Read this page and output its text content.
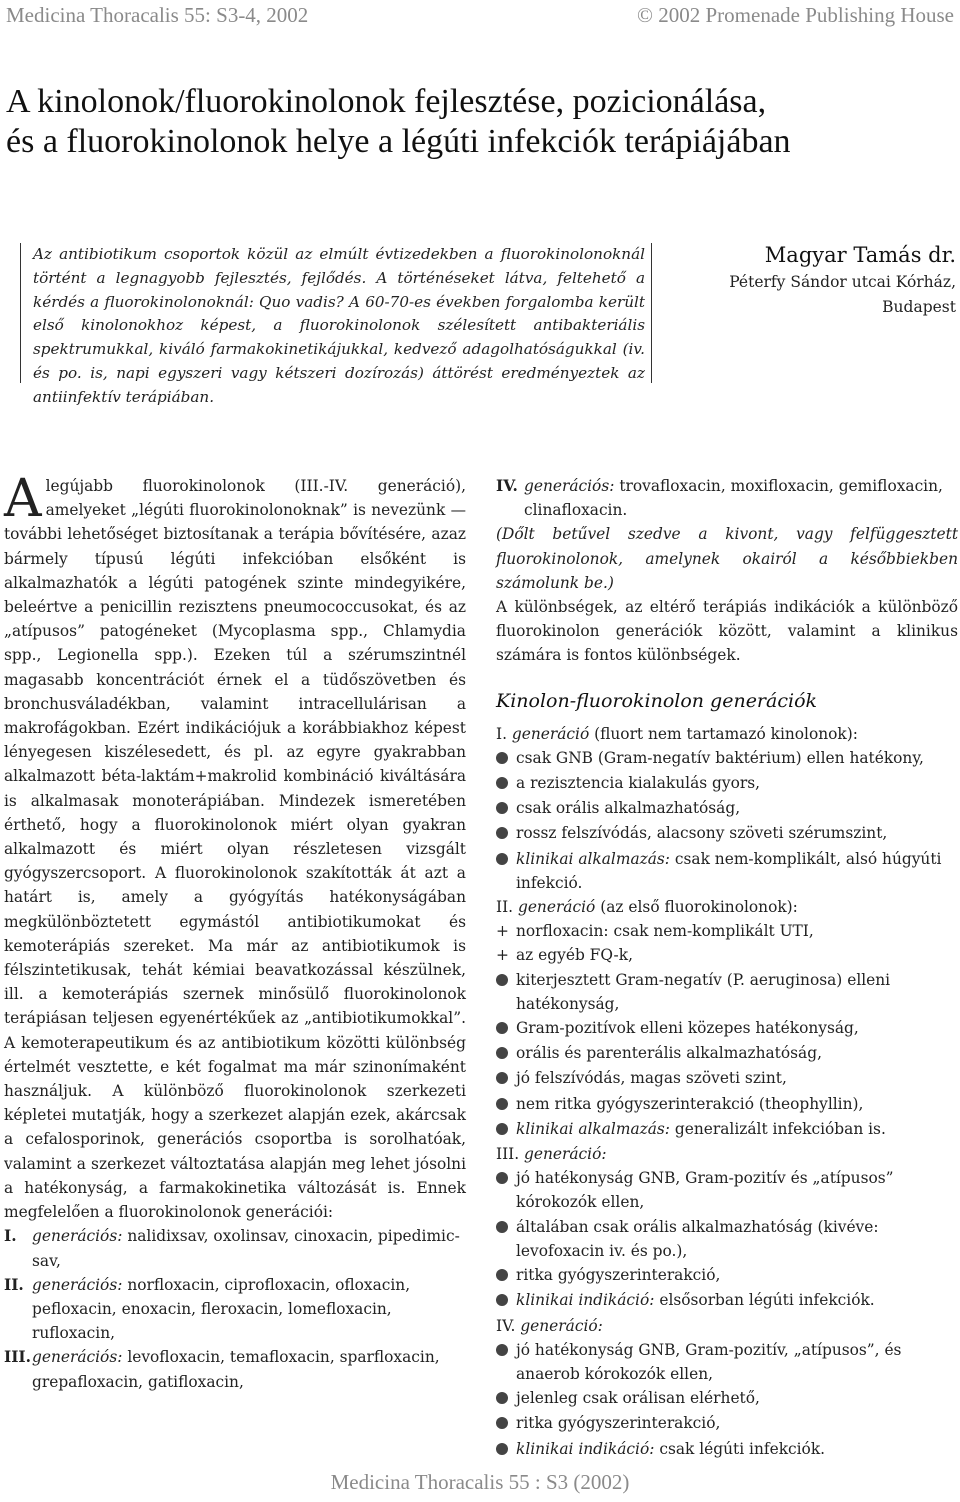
Medicina Thoracalis 55: S3-4, 2002	© 2002 Promenade Publishing House
A kinolonok/fluorokinolonok fejlesztése, pozicionálása,
és a fluorokinolonok helye a légúti infekciók terápiájában

Az antibiotikum csoportok közül az elmúlt évtizedekben a fluorokinolonoknál történt a legnagyobb fejlesztés, fejlődés. A történéseket látva, feltehető a kérdés a fluorokinolonoknál: Quo vadis? A 60-70-es években forgalomba került első kinolonokhoz képest, a fluorokinolonok szélesített antibakteriális spektrumukkal, kiváló farmakokinetikájukkal, kedvező adagolhatóságukkal (iv. és po. is, napi egyszeri vagy kétszeri dozírozás) áttörést eredményeztek az antiinfektív terápiában.

Magyar Tamás dr.
Péterfy Sándor utcai Kórház,
Budapest

Alegújabb fluorokinolonok (III.-IV. generáció), amelyeket „légúti fluorokinolonoknak” is nevezünk — további lehetőséget biztosítanak a terápia bővítésére, azaz bármely típusú légúti infekcióban elsőként is alkalmazhatók a légúti patogének szinte mindegyikére, beleértve a penicillin rezisztens pneumococcusokat, és az „atípusos” patogéneket (Mycoplasma spp., Chlamydia spp., Legionella spp.). Ezeken túl a szérumszintnél magasabb koncentrációt érnek el a tüdőszövetben és bronchusváladékban, valamint intracellulárisan a makrofágokban. Ezért indikációjuk a korábbiakhoz képest lényegesen kiszélesedett, és pl. az egyre gyakrabban alkalmazott béta-laktám+makrolid kombináció kiváltására is alkalmasak monoterápiában. Mindezek ismeretében érthető, hogy a fluorokinolonok miért olyan gyakran alkalmazott és miért olyan részletesen vizsgált gyógyszercsoport. A fluorokinolonok szakították át azt a határt is, amely a gyógyítás hatékonyságában megkülönböztetett egymástól antibiotikumokat és kemoterápiás szereket. Ma már az antibiotikumok is félszintetikusak, tehát kémiai beavatkozással készülnek, ill. a kemoterápiás szernek minősülő fluorokinolonok terápiásan teljesen egyenértékűek az „antibiotikumokkal”. A kemoterapeutikum és az antibiotikum közötti különbség értelmét vesztette, e két fogalmat ma már szinonímaként használjuk. A különböző fluorokinolonok szerkezeti képletei mutatják, hogy a szerkezet alapján ezek, akárcsak a cefalosporinok, generációs csoportba is sorolhatóak, valamint a szerkezet változtatása alapján meg lehet jósolni a hatékonyság, a farmakokinetika változását is. Ennek megfelelően a fluorokinolonok generációi:

I.	generációs: nalidixsav, oxolinsav, cinoxacin, pipedimic-sav,
II. generációs: norfloxacin, ciprofloxacin, ofloxacin, pefloxacin, enoxacin, fleroxacin, lomefloxacin, rufloxacin,
III. generációs: levofloxacin, temafloxacin, sparfloxacin, grepafloxacin, gatifloxacin,
IV. generációs: trovafloxacin, moxifloxacin, gemifloxacin, clinafloxacin.

(Dőlt betűvel szedve a kivont, vagy felfüggesztett fluorokinolonok, amelynek okairól a későbbiekben számolunk be.)

A különbségek, az eltérő terápiás indikációk a különböző fluorokinolon generációk között, valamint a klinikus számára is fontos különbségek.

Kinolon-fluorokinolon generációk

I. generáció (fluort nem tartamazó kinolonok):

csak GNB (Gram-negatív baktérium) ellen hatékony,
a rezisztencia kialakulás gyors,
csak orális alkalmazhatóság,
rossz felszívódás, alacsony szöveti szérumszint,
klinikai alkalmazás: csak nem-komplikált, alsó húgyúti infekció.

II. generáció (az első fluorokinolonok):

+ norfloxacin: csak nem-komplikált UTI,
+ az egyéb FQ-k,
kiterjesztett Gram-negatív (P. aeruginosa) elleni hatékonyság,
Gram-pozitívok elleni közepes hatékonyság,
orális és parenterális alkalmazhatóság,
jó felszívódás, magas szöveti szint,
nem ritka gyógyszerinterakció (theophyllin),
klinikai alkalmazás: generalizált infekcióban is.

III. generáció:

jó hatékonyság GNB, Gram-pozitív és „atípusos” kórokozók ellen,
általában csak orális alkalmazhatóság (kivéve: levofoxacin iv. és po.),
ritka gyógyszerinterakció,
klinikai indikáció: elsősorban légúti infekciók.

IV. generáció:

jó hatékonyság GNB, Gram-pozitív, „atípusos”, és anaerob kórokozók ellen,
jelenleg csak orálisan elérhető,
ritka gyógyszerinterakció,
klinikai indikáció: csak légúti infekciók.
Medicina Thoracalis 55 : S3 (2002)
